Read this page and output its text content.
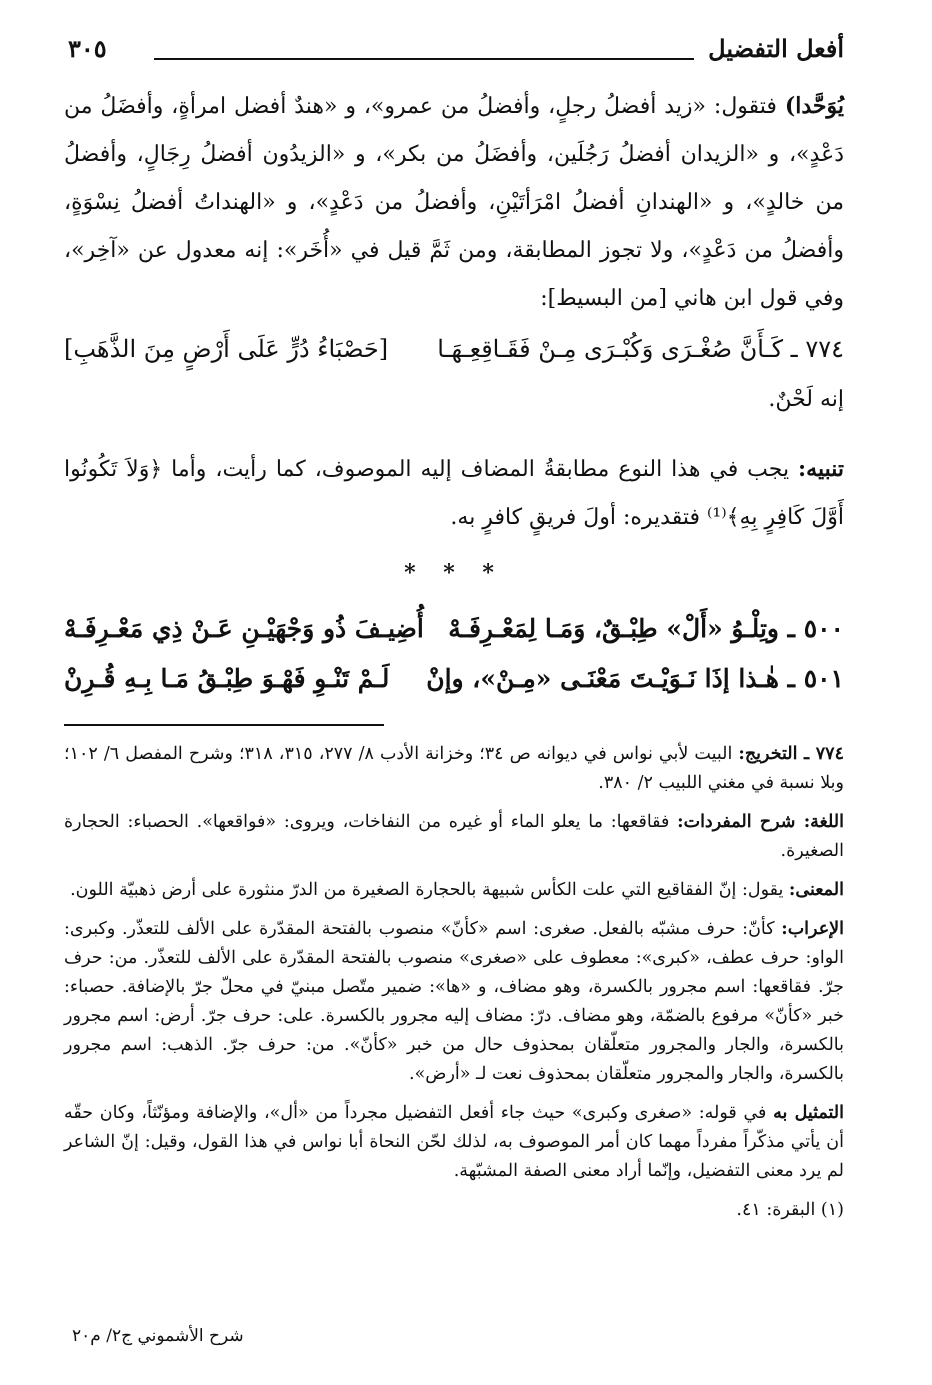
أفعل التفضيل
٣٠٥

يُوَحَّدا) فتقول: «زيد أفضلُ رجلٍ، وأفضلُ من عمرو»، و «هندٌ أفضل امرأةٍ، وأفضَلُ من دَعْدٍ»، و «الزيدان أفضلُ رَجُلَين، وأفضَلُ من بكر»، و «الزيدُون أفضلُ رِجَالٍ، وأفضلُ من خالدٍ»، و «الهندانِ أفضلُ امْرَأتَيْنِ، وأفضلُ من دَعْدٍ»، و «الهنداتُ أفضلُ نِسْوَةٍ، وأفضلُ من دَعْدٍ»، ولا تجوز المطابقة، ومن ثَمَّ قيل في «أُخَر»: إنه معدول عن «آخِر»، وفي قول ابن هاني [من البسيط]:

٧٧٤ ـ كَـأَنَّ صُغْـرَى وَكُبْـرَى مِـنْ فَقَـاقِعِـهَـا
[حَصْبَاءُ دُرٍّ عَلَى أَرْضٍ مِنَ الذَّهَبِ]

إنه لَحْنٌ.

تنبيه: يجب في هذا النوع مطابقةُ المضاف إليه الموصوف، كما رأيت، وأما ﴿وَلاَ تَكُونُوا أَوَّلَ كَافِرٍ بِهِ﴾⁽¹⁾ فتقديره: أولَ فريقٍ كافرٍ به.

* * *
٥٠٠ ـ وتِلْـوُ «أَلْ» طِبْـقٌ، وَمَـا لِمَعْـرِفَـهْ
أُضِيـفَ ذُو وَجْهَيْـنِ عَـنْ ذِي مَعْـرِفَـهْ
٥٠١ ـ هٰـذا إذَا نَـوَيْـتَ مَعْنَـى «مِـنْ»، وإنْ
لَـمْ تَنْـوِ فَهْـوَ طِبْـقُ مَـا بِـهِ قُـرِنْ

٧٧٤ ـ التخريج: البيت لأبي نواس في ديوانه ص ٣٤؛ وخزانة الأدب ٨/ ٢٧٧، ٣١٥، ٣١٨؛ وشرح المفصل ٦/ ١٠٢؛ وبلا نسبة في مغني اللبيب ٢/ ٣٨٠.

اللغة: شرح المفردات: فقاقعها: ما يعلو الماء أو غيره من النفاخات، ويروى: «فواقعها». الحصباء: الحجارة الصغيرة.

المعنى: يقول: إنّ الفقاقيع التي علت الكأس شبيهة بالحجارة الصغيرة من الدرّ منثورة على أرض ذهبيّة اللون.

الإعراب: كأنّ: حرف مشبّه بالفعل. صغرى: اسم «كأنّ» منصوب بالفتحة المقدّرة على الألف للتعذّر. وكبرى: الواو: حرف عطف، «كبرى»: معطوف على «صغرى» منصوب بالفتحة المقدّرة على الألف للتعذّر. من: حرف جرّ. فقاقعها: اسم مجرور بالكسرة، وهو مضاف، و «ها»: ضمير متّصل مبنيّ في محلّ جرّ بالإضافة. حصباء: خبر «كأنّ» مرفوع بالضمّة، وهو مضاف. درّ: مضاف إليه مجرور بالكسرة. على: حرف جرّ. أرض: اسم مجرور بالكسرة، والجار والمجرور متعلّقان بمحذوف حال من خبر «كأنّ». من: حرف جرّ. الذهب: اسم مجرور بالكسرة، والجار والمجرور متعلّقان بمحذوف نعت لـ «أرض».

التمثيل به في قوله: «صغرى وكبرى» حيث جاء أفعل التفضيل مجرداً من «أل»، والإضافة ومؤنّثاً، وكان حقّه أن يأتي مذكّراً مفرداً مهما كان أمر الموصوف به، لذلك لحّن النحاة أبا نواس في هذا القول، وقيل: إنّ الشاعر لم يرد معنى التفضيل، وإنّما أراد معنى الصفة المشبّهة.

(١) البقرة: ٤١.
شرح الأشموني ج٢/ م٢٠
